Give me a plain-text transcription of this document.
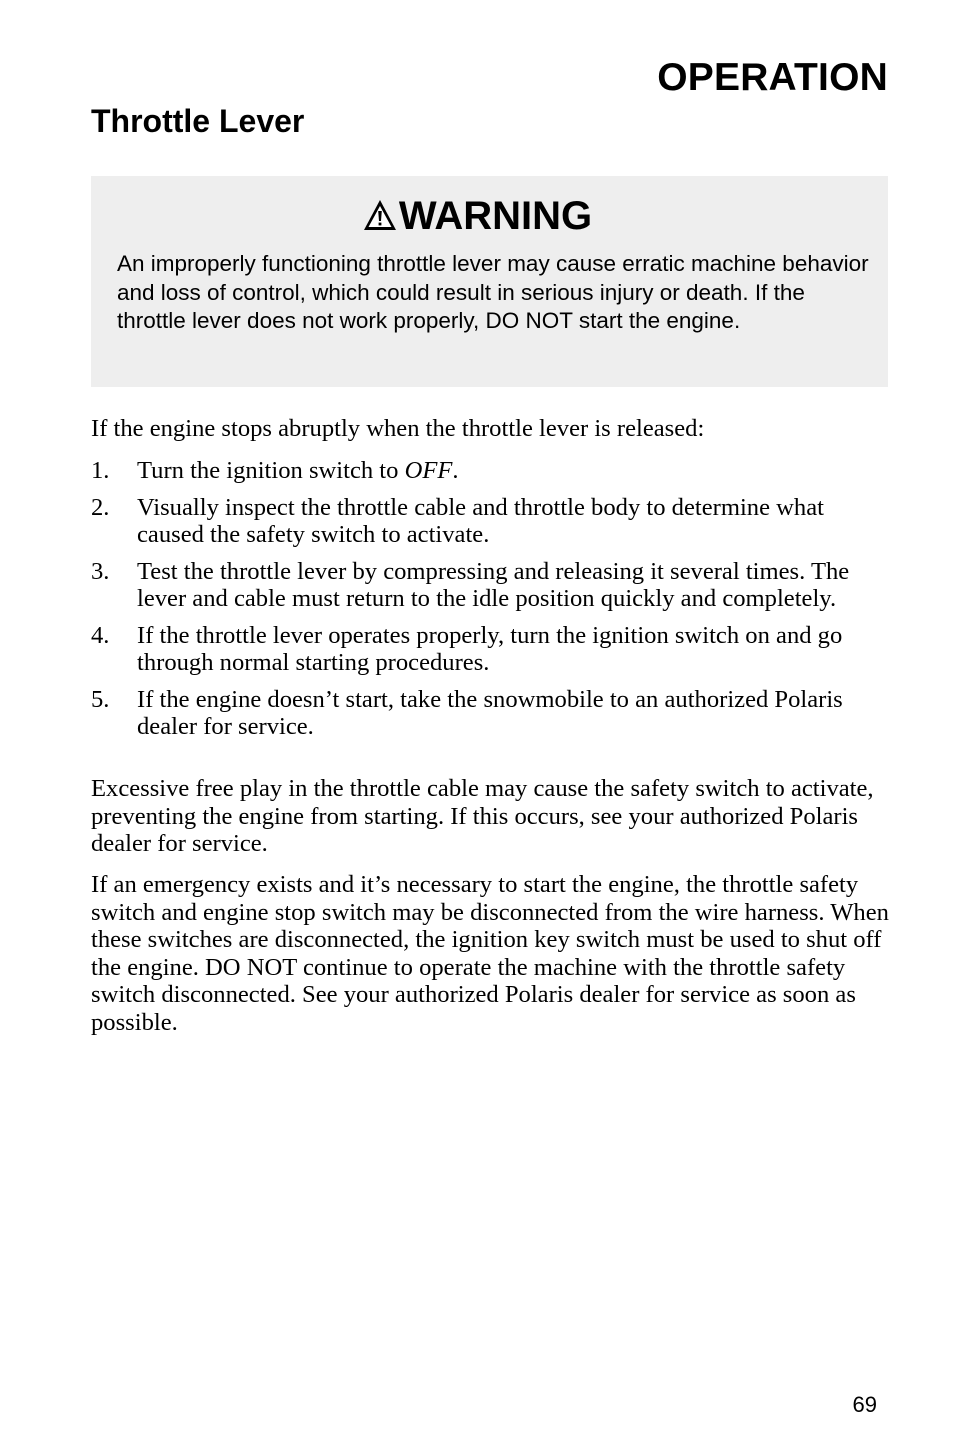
OPERATION
Throttle Lever
WARNING

An improperly functioning throttle lever may cause erratic machine behavior and loss of control, which could result in serious injury or death. If the throttle lever does not work properly, DO NOT start the engine.

If the engine stops abruptly when the throttle lever is released:

1. Turn the ignition switch to OFF.
2. Visually inspect the throttle cable and throttle body to determine what caused the safety switch to activate.
3. Test the throttle lever by compressing and releasing it several times. The lever and cable must return to the idle position quickly and completely.
4. If the throttle lever operates properly, turn the ignition switch on and go through normal starting procedures.
5. If the engine doesn’t start, take the snowmobile to an authorized Polaris dealer for service.

Excessive free play in the throttle cable may cause the safety switch to activate, preventing the engine from starting. If this occurs, see your authorized Polaris dealer for service.

If an emergency exists and it’s necessary to start the engine, the throttle safety switch and engine stop switch may be disconnected from the wire harness. When these switches are disconnected, the ignition key switch must be used to shut off the engine. DO NOT continue to operate the machine with the throttle safety switch disconnected. See your authorized Polaris dealer for service as soon as possible.

69
